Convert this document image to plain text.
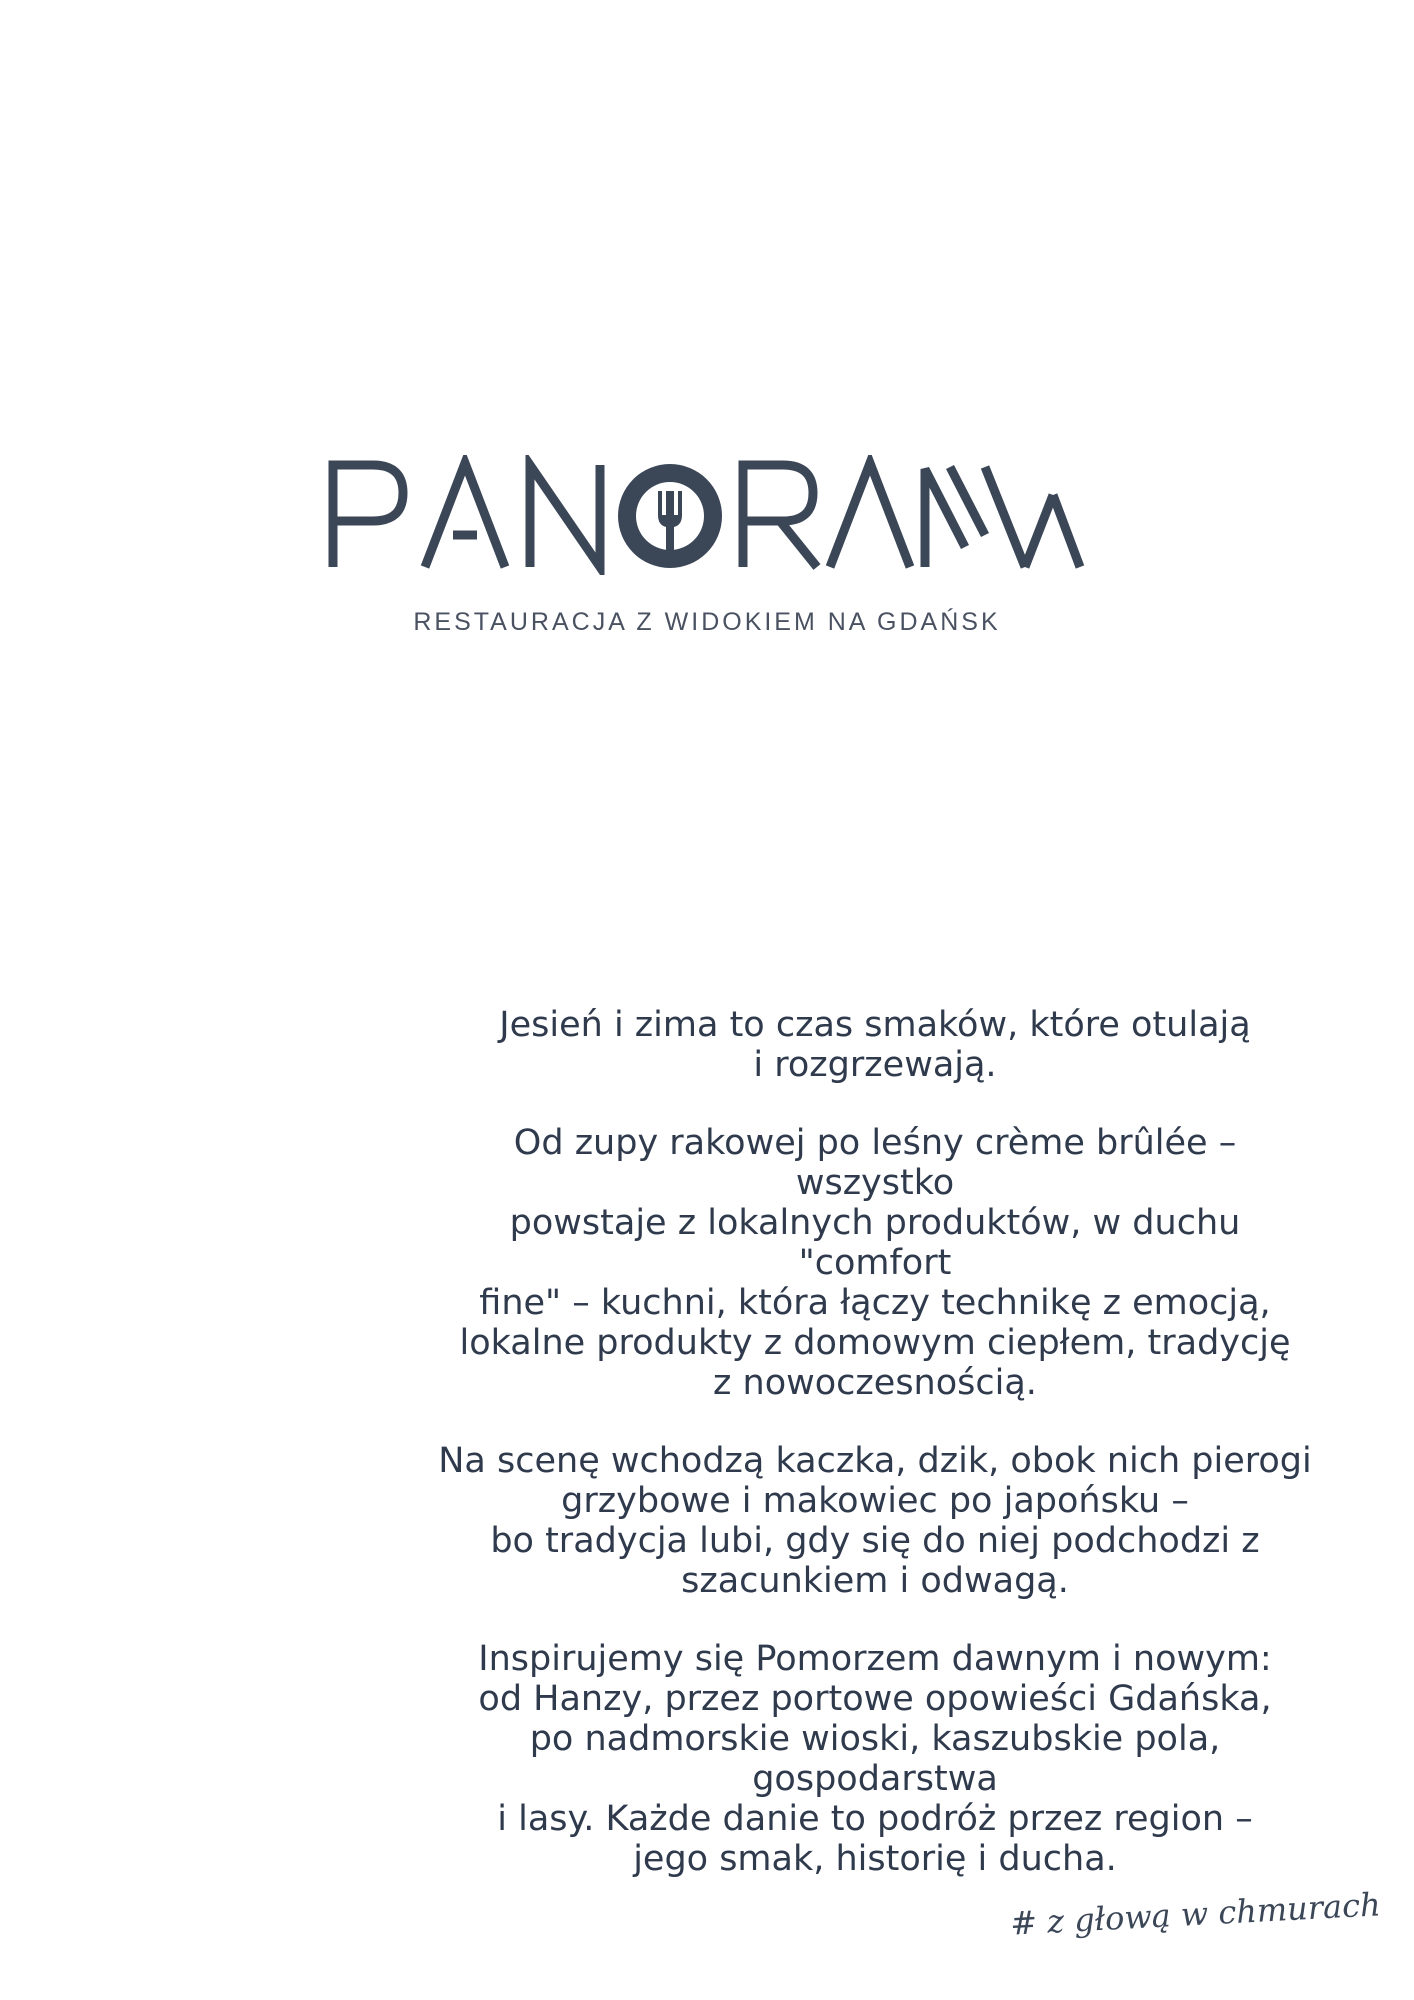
RESTAURACJA Z WIDOKIEM NA GDAŃSK
Jesień i zima to czas smaków, które otulają
i rozgrzewają.
Od zupy rakowej po leśny crème brûlée – wszystko
powstaje z lokalnych produktów, w duchu "comfort
fine" – kuchni, która łączy technikę z emocją,
lokalne produkty z domowym ciepłem, tradycję
z nowoczesnością.
Na scenę wchodzą kaczka, dzik, obok nich pierogi
grzybowe i makowiec po japońsku –
bo tradycja lubi, gdy się do niej podchodzi z
szacunkiem i odwagą.
Inspirujemy się Pomorzem dawnym i nowym:
od Hanzy, przez portowe opowieści Gdańska,
po nadmorskie wioski, kaszubskie pola,
gospodarstwa
i lasy. Każde danie to podróż przez region –
jego smak, historię i ducha.
# z głową w chmurach
